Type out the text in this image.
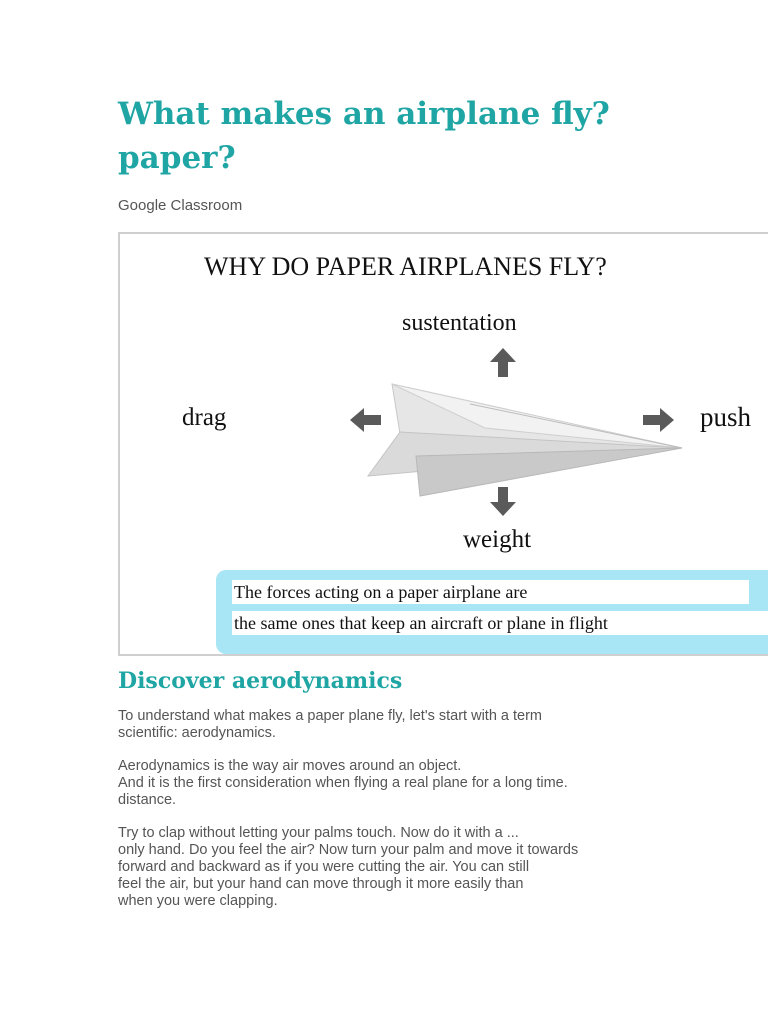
What makes an airplane fly?
paper?
Google Classroom
WHY DO PAPER AIRPLANES FLY?
sustentation
drag	push
weight
The forces acting on a paper airplane are
the same ones that keep an aircraft or plane in flight
Discover aerodynamics

To understand what makes a paper plane fly, let's start with a term
scientific: aerodynamics.

Aerodynamics is the way air moves around an object.
And it is the first consideration when flying a real plane for a long time.
distance.

Try to clap without letting your palms touch. Now do it with a ...
only hand. Do you feel the air? Now turn your palm and move it towards
forward and backward as if you were cutting the air. You can still
feel the air, but your hand can move through it more easily than
when you were clapping.
